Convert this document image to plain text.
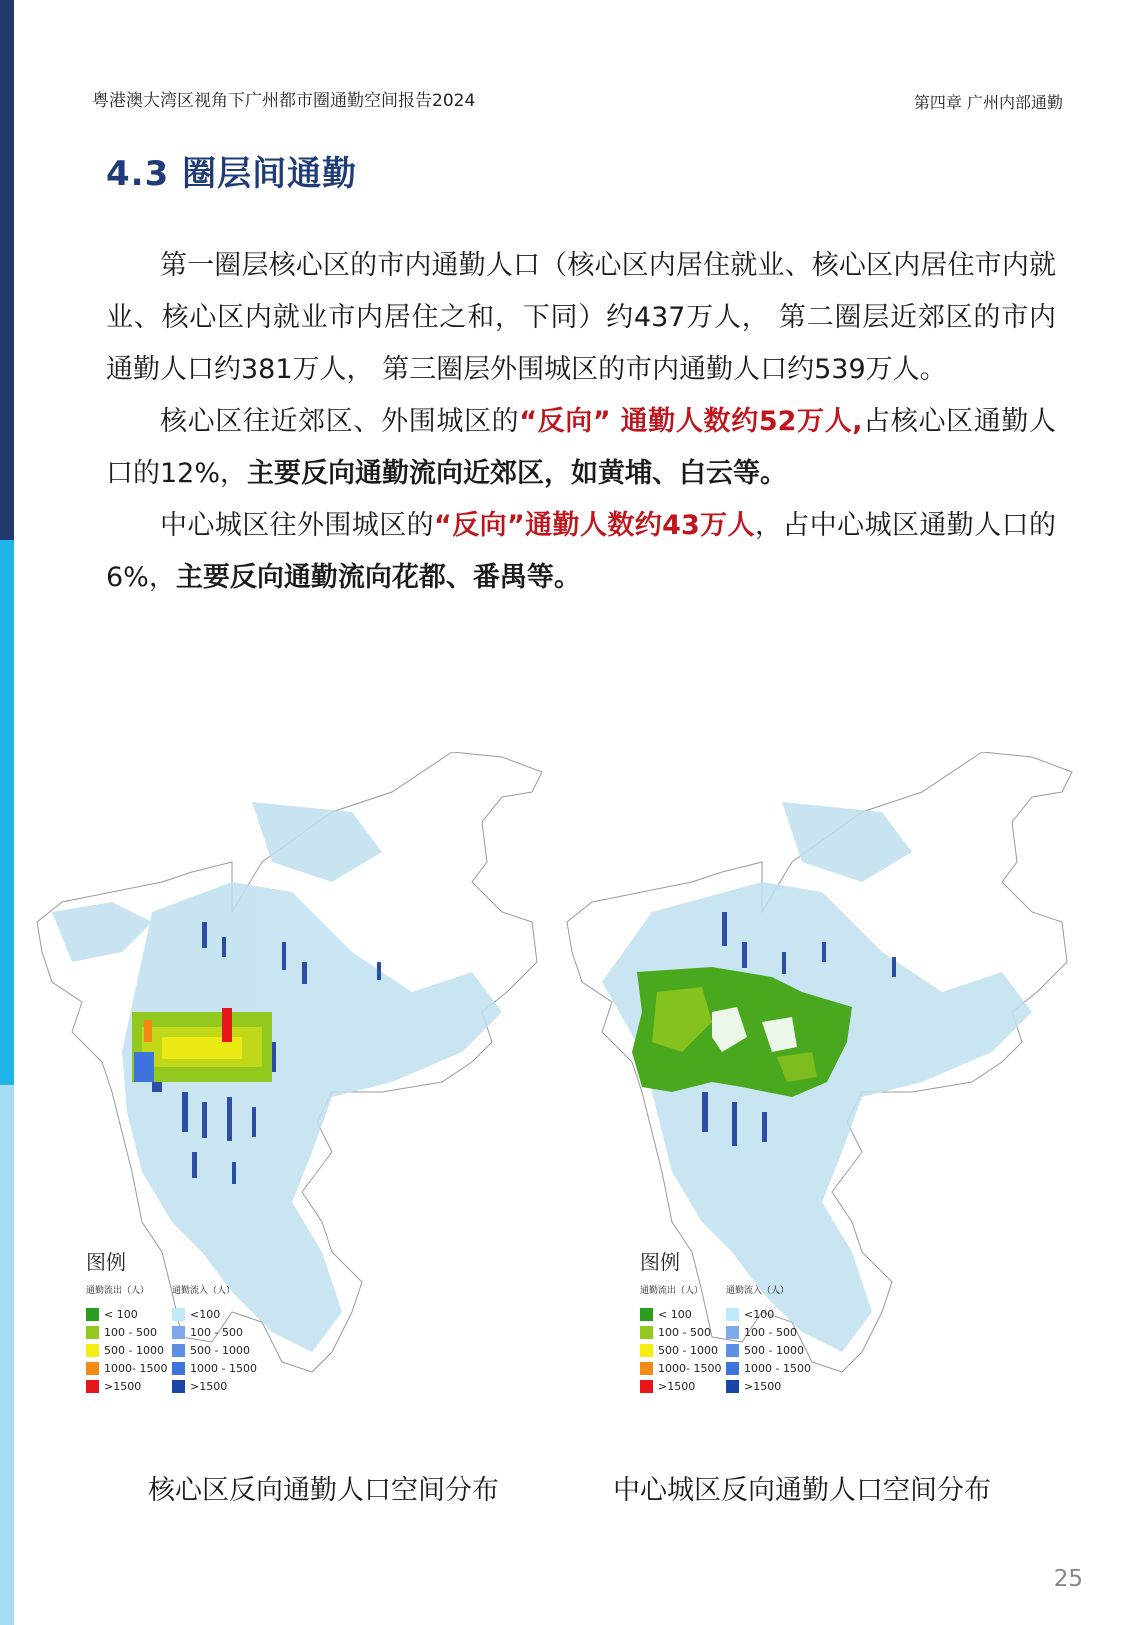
粤港澳大湾区视角下广州都市圈通勤空间报告2024	第四章 广州内部通勤
4.3 圈层间通勤

第一圈层核心区的市内通勤人口（核心区内居住就业、核心区内居住市内就业、核心区内就业市内居住之和，下同）约437万人， 第二圈层近郊区的市内通勤人口约381万人， 第三圈层外围城区的市内通勤人口约539万人。

核心区往近郊区、外围城区的“反向” 通勤人数约52万人,占核心区通勤人口的12%，主要反向通勤流向近郊区，如黄埔、白云等。

中心城区往外围城区的“反向”通勤人数约43万人，占中心城区通勤人口的6%，主要反向通勤流向花都、番禺等。

图例
通勤流出（人）
< 100
100 - 500
500 - 1000
1000- 1500
>1500
通勤流入（人）
<100
100 - 500
500 - 1000
1000 - 1500
>1500
图例
通勤流出（人）
< 100
100 - 500
500 - 1000
1000- 1500
>1500
通勤流入（人）
<100
100 - 500
500 - 1000
1000 - 1500
>1500
核心区反向通勤人口空间分布	中心城区反向通勤人口空间分布
25
